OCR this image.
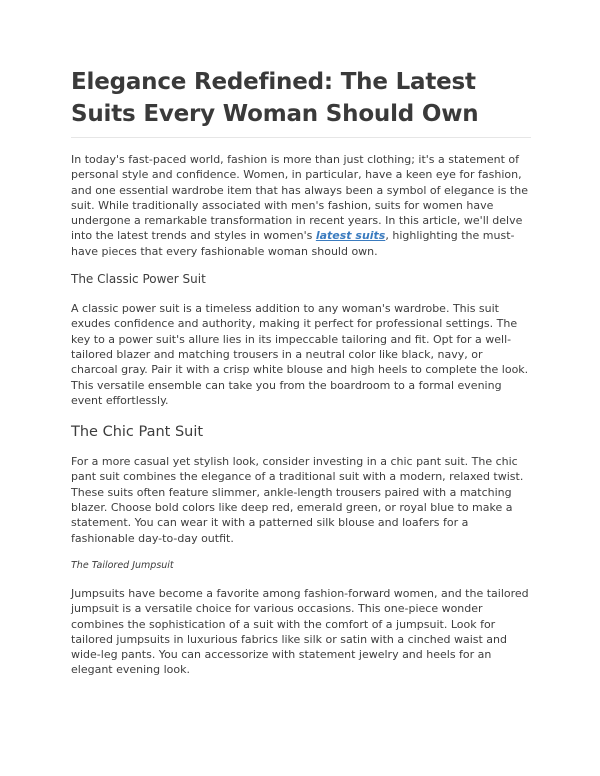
Elegance Redefined: The Latest Suits Every Woman Should Own

In today's fast-paced world, fashion is more than just clothing; it's a statement of personal style and confidence. Women, in particular, have a keen eye for fashion, and one essential wardrobe item that has always been a symbol of elegance is the suit. While traditionally associated with men's fashion, suits for women have undergone a remarkable transformation in recent years. In this article, we'll delve into the latest trends and styles in women's latest suits, highlighting the must-have pieces that every fashionable woman should own.

The Classic Power Suit

A classic power suit is a timeless addition to any woman's wardrobe. This suit exudes confidence and authority, making it perfect for professional settings. The key to a power suit's allure lies in its impeccable tailoring and fit. Opt for a well-tailored blazer and matching trousers in a neutral color like black, navy, or charcoal gray. Pair it with a crisp white blouse and high heels to complete the look. This versatile ensemble can take you from the boardroom to a formal evening event effortlessly.

The Chic Pant Suit

For a more casual yet stylish look, consider investing in a chic pant suit. The chic pant suit combines the elegance of a traditional suit with a modern, relaxed twist. These suits often feature slimmer, ankle-length trousers paired with a matching blazer. Choose bold colors like deep red, emerald green, or royal blue to make a statement. You can wear it with a patterned silk blouse and loafers for a fashionable day-to-day outfit.

The Tailored Jumpsuit

Jumpsuits have become a favorite among fashion-forward women, and the tailored jumpsuit is a versatile choice for various occasions. This one-piece wonder combines the sophistication of a suit with the comfort of a jumpsuit. Look for tailored jumpsuits in luxurious fabrics like silk or satin with a cinched waist and wide-leg pants. You can accessorize with statement jewelry and heels for an elegant evening look.
